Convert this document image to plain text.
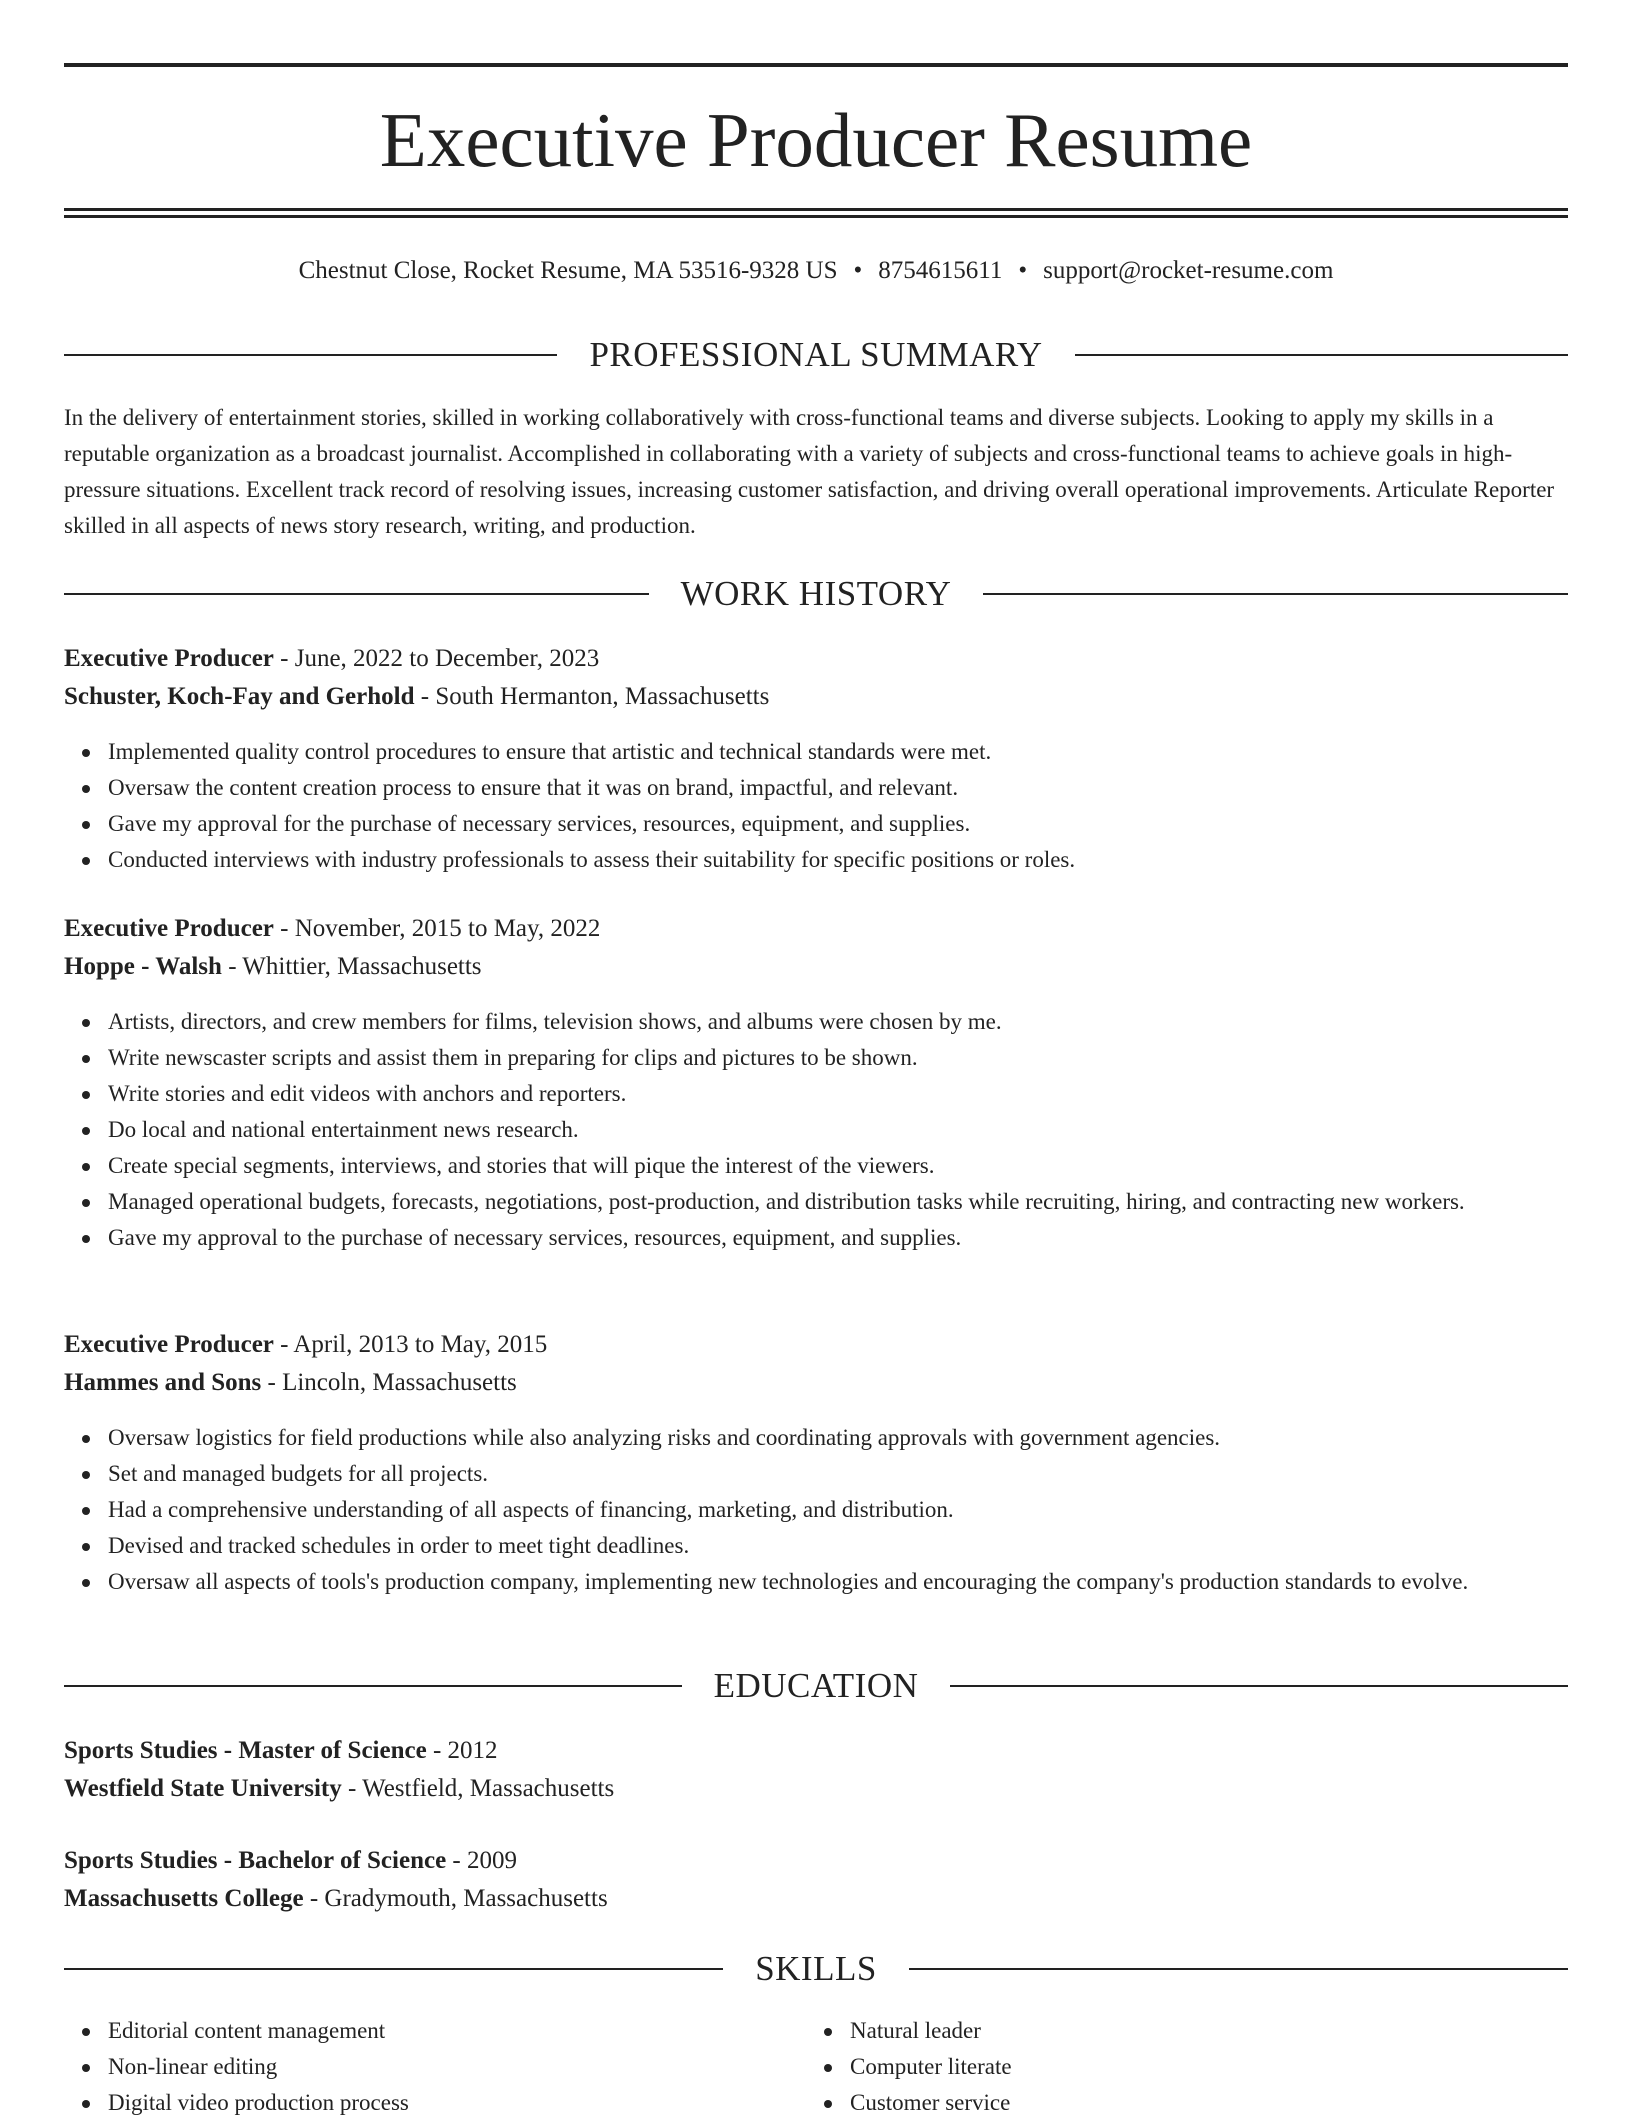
Executive Producer Resume
Chestnut Close, Rocket Resume, MA 53516-9328 US • 8754615611 • support@rocket-resume.com
PROFESSIONAL SUMMARY

In the delivery of entertainment stories, skilled in working collaboratively with cross-functional teams and diverse subjects. Looking to apply my skills in a reputable organization as a broadcast journalist. Accomplished in collaborating with a variety of subjects and cross-functional teams to achieve goals in high-pressure situations. Excellent track record of resolving issues, increasing customer satisfaction, and driving overall operational improvements. Articulate Reporter skilled in all aspects of news story research, writing, and production.

WORK HISTORY
Executive Producer - June, 2022 to December, 2023
Schuster, Koch-Fay and Gerhold - South Hermanton, Massachusetts
Implemented quality control procedures to ensure that artistic and technical standards were met.
Oversaw the content creation process to ensure that it was on brand, impactful, and relevant.
Gave my approval for the purchase of necessary services, resources, equipment, and supplies.
Conducted interviews with industry professionals to assess their suitability for specific positions or roles.
Executive Producer - November, 2015 to May, 2022
Hoppe - Walsh - Whittier, Massachusetts
Artists, directors, and crew members for films, television shows, and albums were chosen by me.
Write newscaster scripts and assist them in preparing for clips and pictures to be shown.
Write stories and edit videos with anchors and reporters.
Do local and national entertainment news research.
Create special segments, interviews, and stories that will pique the interest of the viewers.
Managed operational budgets, forecasts, negotiations, post-production, and distribution tasks while recruiting, hiring, and contracting new workers.
Gave my approval to the purchase of necessary services, resources, equipment, and supplies.
Executive Producer - April, 2013 to May, 2015
Hammes and Sons - Lincoln, Massachusetts
Oversaw logistics for field productions while also analyzing risks and coordinating approvals with government agencies.
Set and managed budgets for all projects.
Had a comprehensive understanding of all aspects of financing, marketing, and distribution.
Devised and tracked schedules in order to meet tight deadlines.
Oversaw all aspects of tools's production company, implementing new technologies and encouraging the company's production standards to evolve.
EDUCATION
Sports Studies - Master of Science - 2012
Westfield State University - Westfield, Massachusetts
Sports Studies - Bachelor of Science - 2009
Massachusetts College - Gradymouth, Massachusetts
SKILLS
Editorial content management
Non-linear editing
Digital video production process
Natural leader
Computer literate
Customer service
